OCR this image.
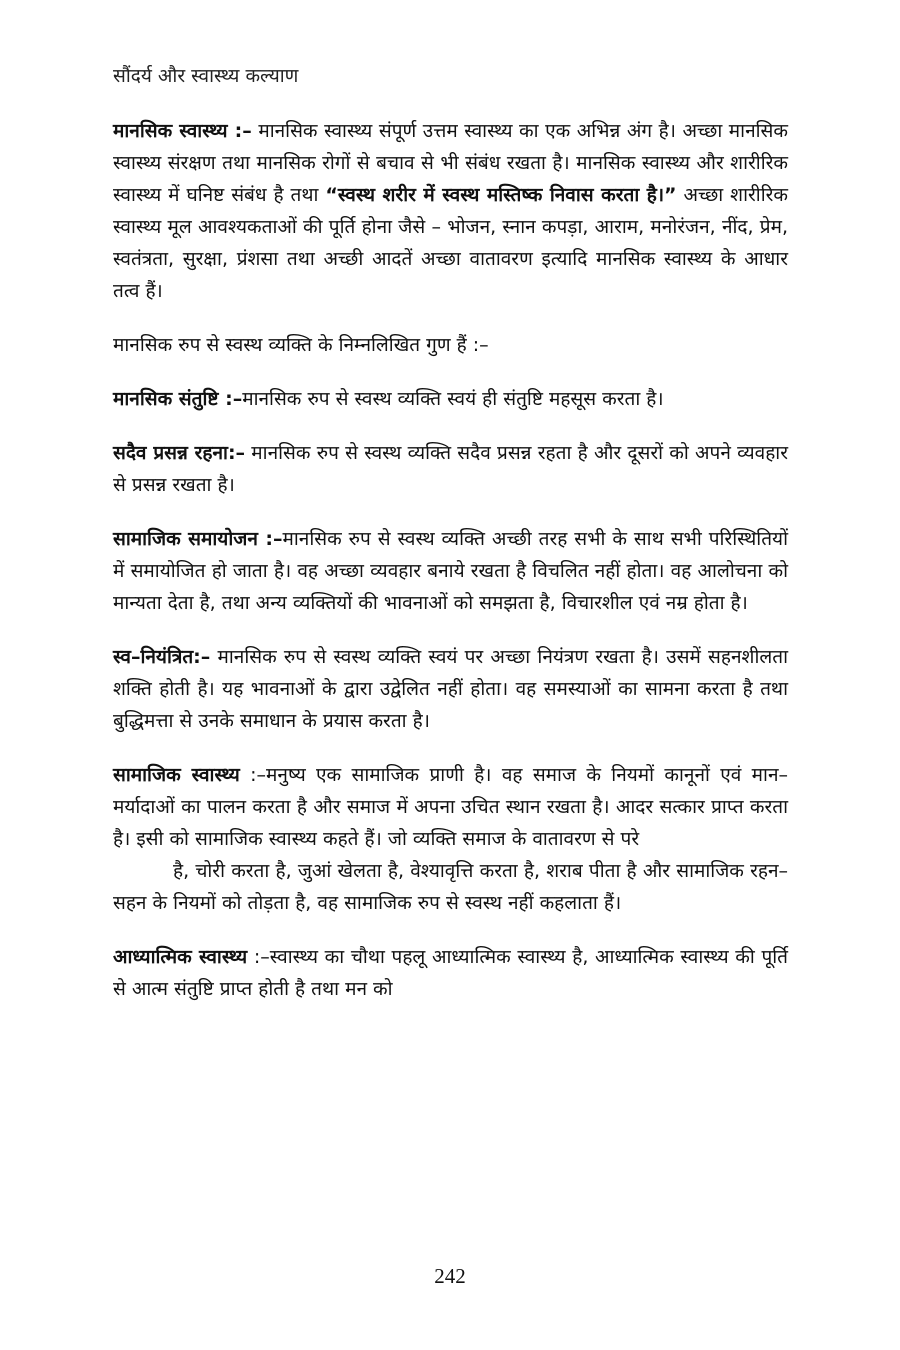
सौंदर्य और स्वास्थ्य कल्याण

मानसिक स्वास्थ्य :– मानसिक स्वास्थ्य संपूर्ण उत्तम स्वास्थ्य का एक अभिन्न अंग है। अच्छा मानसिक स्वास्थ्य संरक्षण तथा मानसिक रोगों से बचाव से भी संबंध रखता है। मानसिक स्वास्थ्य और शारीरिक स्वास्थ्य में घनिष्ट संबंध है तथा “स्वस्थ शरीर में स्वस्थ मस्तिष्क निवास करता है।” अच्छा शारीरिक स्वास्थ्य मूल आवश्यकताओं की पूर्ति होना जैसे – भोजन, स्नान कपड़ा, आराम, मनोरंजन, नींद, प्रेम, स्वतंत्रता, सुरक्षा, प्रंशसा तथा अच्छी आदतें अच्छा वातावरण इत्यादि मानसिक स्वास्थ्य के आधार तत्व हैं।

मानसिक रुप से स्वस्थ व्यक्ति के निम्नलिखित गुण हैं :–

मानसिक संतुष्टि :–मानसिक रुप से स्वस्थ व्यक्ति स्वयं ही संतुष्टि महसूस करता है।

सदैव प्रसन्न रहना:– मानसिक रुप से स्वस्थ व्यक्ति सदैव प्रसन्न रहता है और दूसरों को अपने व्यवहार से प्रसन्न रखता है।

सामाजिक समायोजन :–मानसिक रुप से स्वस्थ व्यक्ति अच्छी तरह सभी के साथ सभी परिस्थितियों में समायोजित हो जाता है। वह अच्छा व्यवहार बनाये रखता है विचलित नहीं होता। वह आलोचना को मान्यता देता है, तथा अन्य व्यक्तियों की भावनाओं को समझता है, विचारशील एवं नम्र होता है।

स्व–नियंत्रित:– मानसिक रुप से स्वस्थ व्यक्ति स्वयं पर अच्छा नियंत्रण रखता है। उसमें सहनशीलता शक्ति होती है। यह भावनाओं के द्वारा उद्वेलित नहीं होता। वह समस्याओं का सामना करता है तथा बुद्धिमत्ता से उनके समाधान के प्रयास करता है।

सामाजिक स्वास्थ्य :–मनुष्य एक सामाजिक प्राणी है। वह समाज के नियमों कानूनों एवं मान–मर्यादाओं का पालन करता है और समाज में अपना उचित स्थान रखता है। आदर सत्कार प्राप्त करता है। इसी को सामाजिक स्वास्थ्य कहते हैं। जो व्यक्ति समाज के वातावरण से परे
है, चोरी करता है, जुआं खेलता है, वेश्यावृत्ति करता है, शराब पीता है और सामाजिक रहन–सहन के नियमों को तोड़ता है, वह सामाजिक रुप से स्वस्थ नहीं कहलाता हैं।

आध्यात्मिक स्वास्थ्य :–स्वास्थ्य का चौथा पहलू आध्यात्मिक स्वास्थ्य है, आध्यात्मिक स्वास्थ्य की पूर्ति से आत्म संतुष्टि प्राप्त होती है तथा मन को

242
